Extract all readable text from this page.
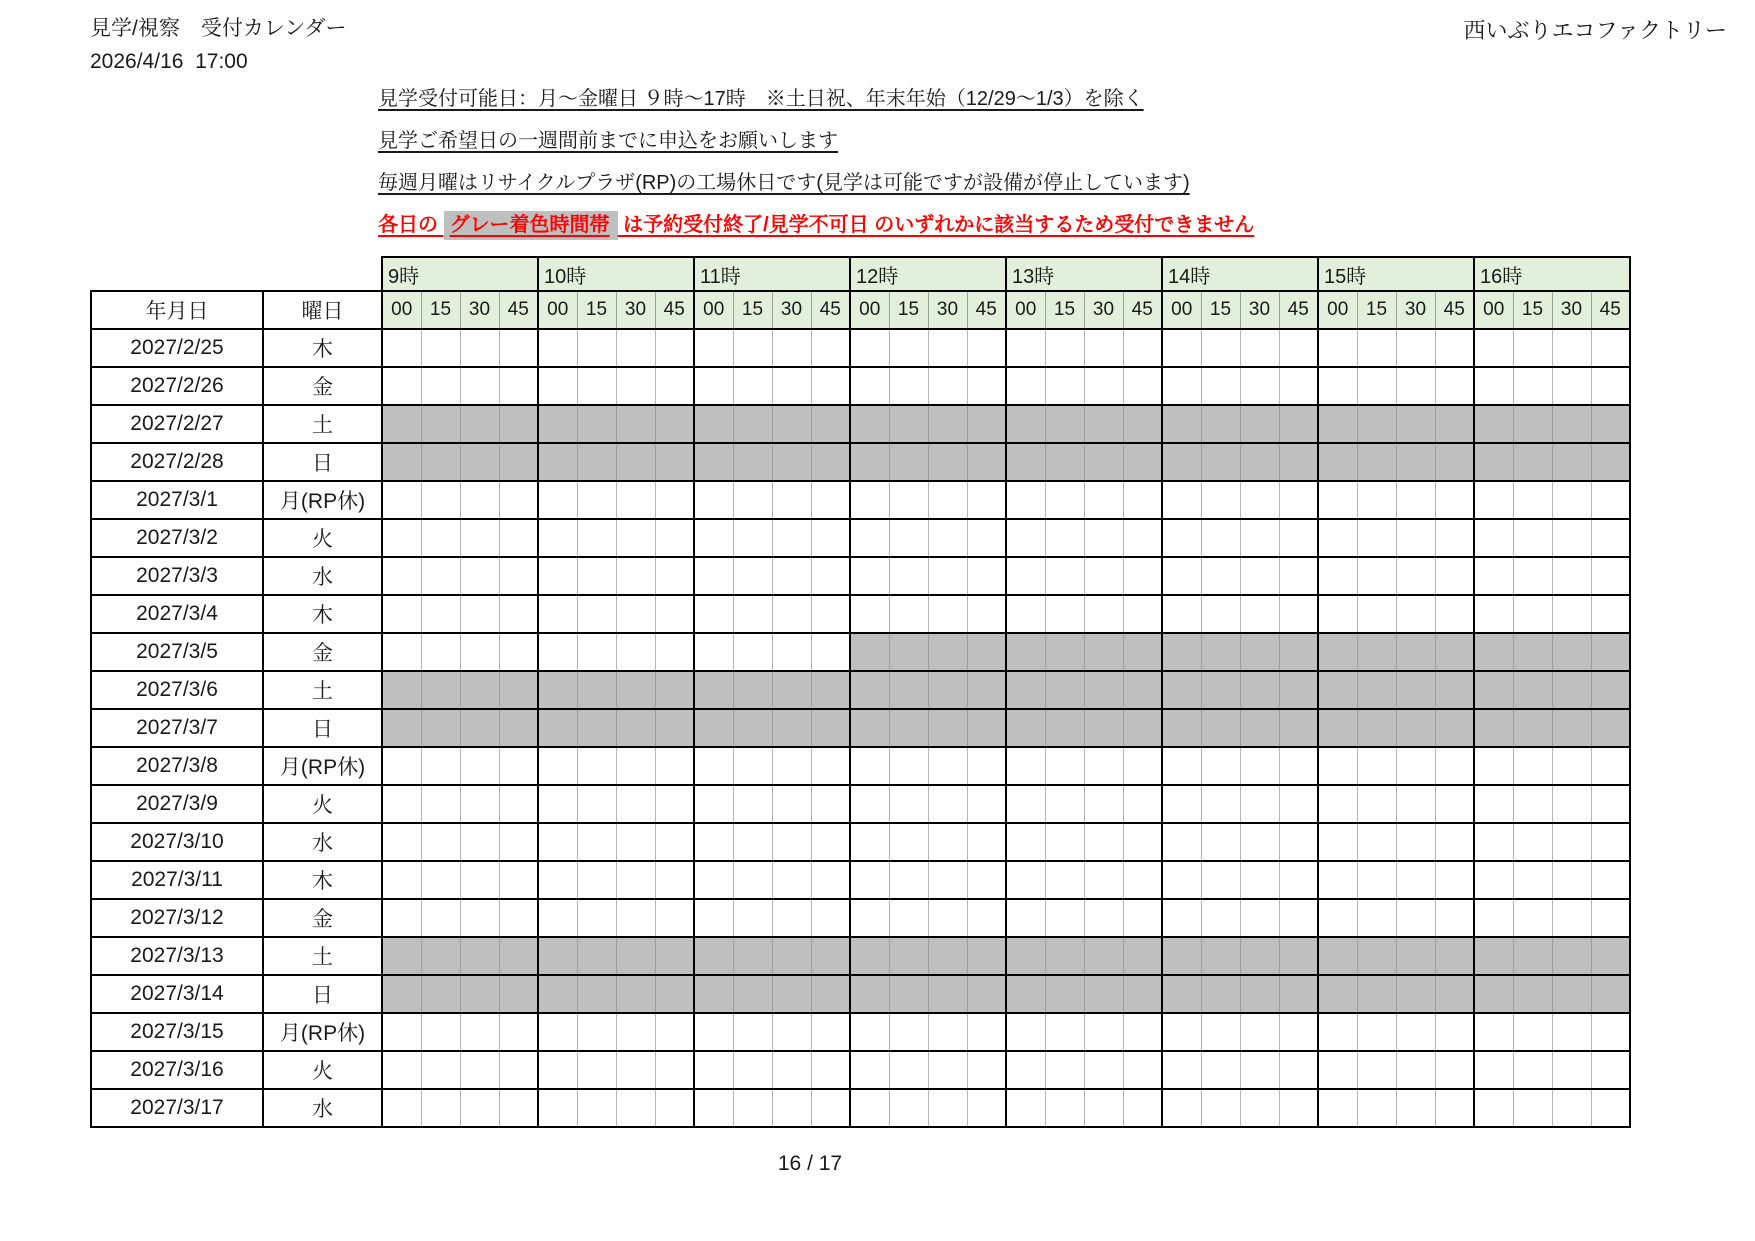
見学/視察　受付カレンダー
2026/4/16  17:00
西いぶりエコファクトリー
見学受付可能日：月～金曜日 ９時～17時　※土日祝、年末年始（12/29～1/3）を除く
見学ご希望日の一週間前までに申込をお願いします
毎週月曜はリサイクルプラザ(RP)の工場休日です(見学は可能ですが設備が停止しています)
各日の グレー着色時間帯 は予約受付終了/見学不可日 のいずれかに該当するため受付できません
		9時				10時				11時				12時				13時				14時				15時				16時			
年月日	曜日	00	15	30	45	00	15	30	45	00	15	30	45	00	15	30	45	00	15	30	45	00	15	30	45	00	15	30	45	00	15	30	45
2027/2/25	木																																
2027/2/26	金																																
2027/2/27	土																																
2027/2/28	日																																
2027/3/1	月(RP休)																																
2027/3/2	火																																
2027/3/3	水																																
2027/3/4	木																																
2027/3/5	金																																
2027/3/6	土																																
2027/3/7	日																																
2027/3/8	月(RP休)																																
2027/3/9	火																																
2027/3/10	水																																
2027/3/11	木																																
2027/3/12	金																																
2027/3/13	土																																
2027/3/14	日																																
2027/3/15	月(RP休)																																
2027/3/16	火																																
2027/3/17	水																																
16 / 17
